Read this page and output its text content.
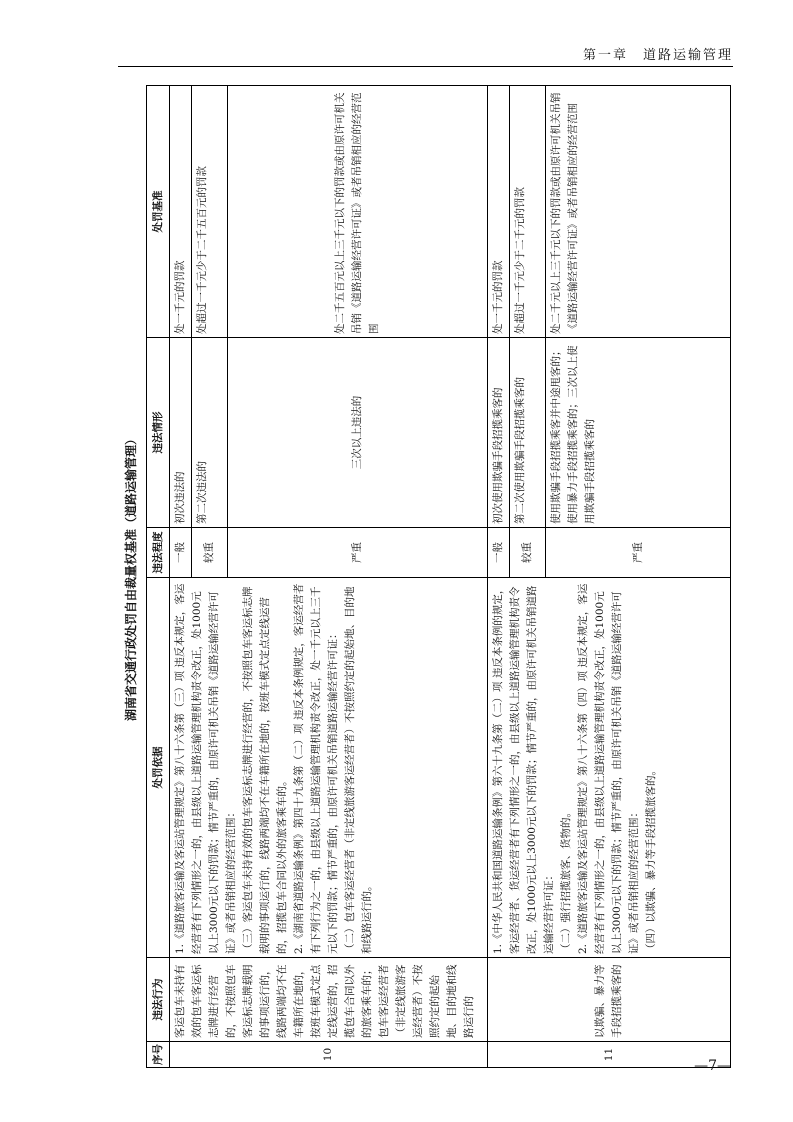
第一章　道路运输管理
湖南省交通行政处罚自由裁量权基准（道路运输管理）
序号	违法行为	处罚依据	违法程度	违法情形	处罚基准
10	客运包车未持有效的包车客运标志牌进行经营的，不按照包车客运标志牌载明的事项运行的，线路两端均不在车籍所在地的，按班车模式定点定线运营的，招揽包车合同以外的旅客乘车的；包车客运经营者（非定线旅游客运经营者）不按照约定的起始地、目的地和线路运行的	1.《道路旅客运输及客运站管理规定》第八十六条第（三）项 违反本规定，客运经营者有下列情形之一的，由县级以上道路运输管理机构责令改正，处1000元以上3000元以下的罚款；情节严重的，由原许可机关吊销《道路运输经营许可证》或者吊销相应的经营范围： （三）客运包车未持有效的包车客运标志牌进行经营的，不按照包车客运标志牌载明的事项运行的，线路两端均不在车籍所在地的，按班车模式定点定线运营的，招揽包车合同以外的旅客乘车的。 2.《湖南省道路运输条例》第四十九条第（二）项 违反本条例规定，客运经营者有下列行为之一的，由县级以上道路运输管理机构责令改正，处一千元以上三千元以下的罚款；情节严重的，由原许可机关吊销道路运输经营许可证： （二）包车客运经营者（非定线旅游客运经营者）不按照约定的起始地、目的地和线路运行的。	一般	初次违法的	处一千元的罚款
			较重	第二次违法的	处超过一千元少于二千五百元的罚款
			严重	三次以上违法的	处二千五百元以上三千元以下的罚款或由原许可机关吊销《道路运输经营许可证》或者吊销相应的经营范围
11	以欺骗、暴力等手段招揽乘客的	1.《中华人民共和国道路运输条例》第六十九条第（二）项 违反本条例的规定，客运经营者、货运经营者有下列情形之一的，由县级以上道路运输管理机构责令改正，处1000元以上3000元以下的罚款；情节严重的，由原许可机关吊销道路运输经营许可证： （二）强行招揽旅客、货物的。 2.《道路旅客运输及客运站管理规定》第八十六条第（四）项 违反本规定，客运经营者有下列情形之一的，由县级以上道路运输管理机构责令改正，处1000元以上3000元以下的罚款；情节严重的，由原许可机关吊销《道路运输经营许可证》或者吊销相应的经营范围： （四）以欺骗、暴力等手段招揽旅客的。	一般	初次使用欺骗手段招揽乘客的	处一千元的罚款
			较重	第二次使用欺骗手段招揽乘客的	处超过一千元少于二千元的罚款
			严重	使用欺骗手段招揽乘客并中途甩客的；使用暴力手段招揽乘客的；三次以上使用欺骗手段招揽乘客的	处二千元以上三千元以下的罚款或由原许可机关吊销《道路运输经营许可证》或者吊销相应的经营范围
—7—
